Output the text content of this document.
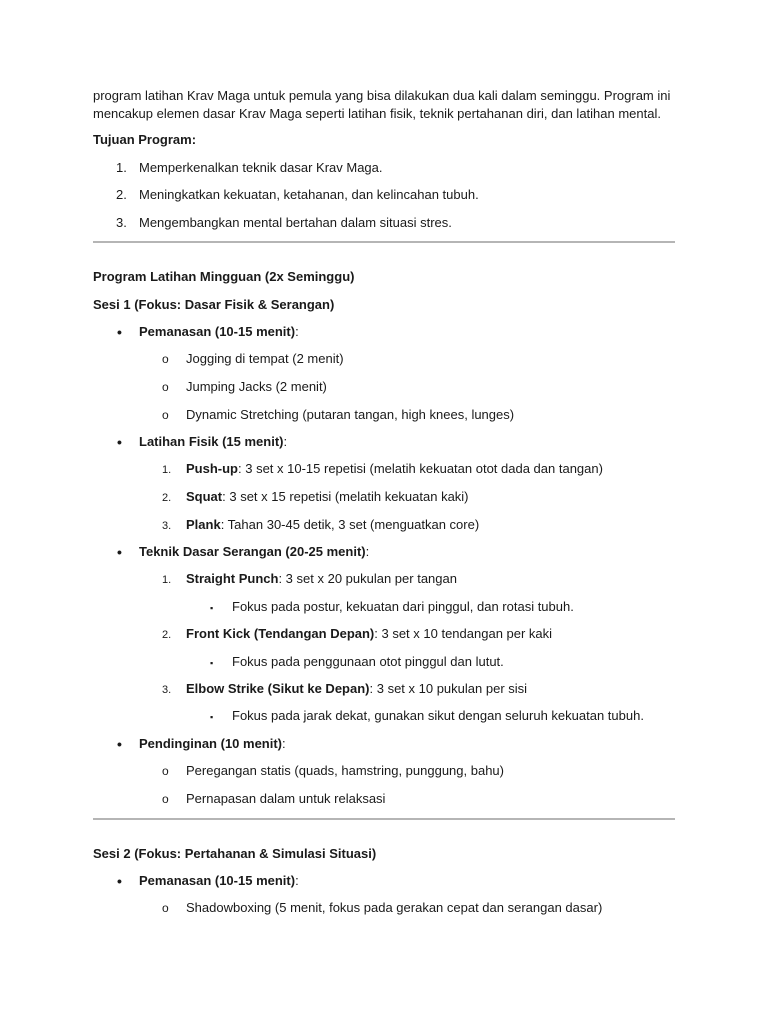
program latihan Krav Maga untuk pemula yang bisa dilakukan dua kali dalam seminggu. Program ini
mencakup elemen dasar Krav Maga seperti latihan fisik, teknik pertahanan diri, dan latihan mental.
Tujuan Program:
1. Memperkenalkan teknik dasar Krav Maga.
2. Meningkatkan kekuatan, ketahanan, dan kelincahan tubuh.
3. Mengembangkan mental bertahan dalam situasi stres.
Program Latihan Mingguan (2x Seminggu)
Sesi 1 (Fokus: Dasar Fisik & Serangan)
• Pemanasan (10-15 menit):
o Jogging di tempat (2 menit)
o Jumping Jacks (2 menit)
o Dynamic Stretching (putaran tangan, high knees, lunges)
• Latihan Fisik (15 menit):
1. Push-up: 3 set x 10-15 repetisi (melatih kekuatan otot dada dan tangan)
2. Squat: 3 set x 15 repetisi (melatih kekuatan kaki)
3. Plank: Tahan 30-45 detik, 3 set (menguatkan core)
• Teknik Dasar Serangan (20-25 menit):
1. Straight Punch: 3 set x 20 pukulan per tangan
▪ Fokus pada postur, kekuatan dari pinggul, dan rotasi tubuh.
2. Front Kick (Tendangan Depan): 3 set x 10 tendangan per kaki
▪ Fokus pada penggunaan otot pinggul dan lutut.
3. Elbow Strike (Sikut ke Depan): 3 set x 10 pukulan per sisi
▪ Fokus pada jarak dekat, gunakan sikut dengan seluruh kekuatan tubuh.
• Pendinginan (10 menit):
o Peregangan statis (quads, hamstring, punggung, bahu)
o Pernapasan dalam untuk relaksasi
Sesi 2 (Fokus: Pertahanan & Simulasi Situasi)
• Pemanasan (10-15 menit):
o Shadowboxing (5 menit, fokus pada gerakan cepat dan serangan dasar)
